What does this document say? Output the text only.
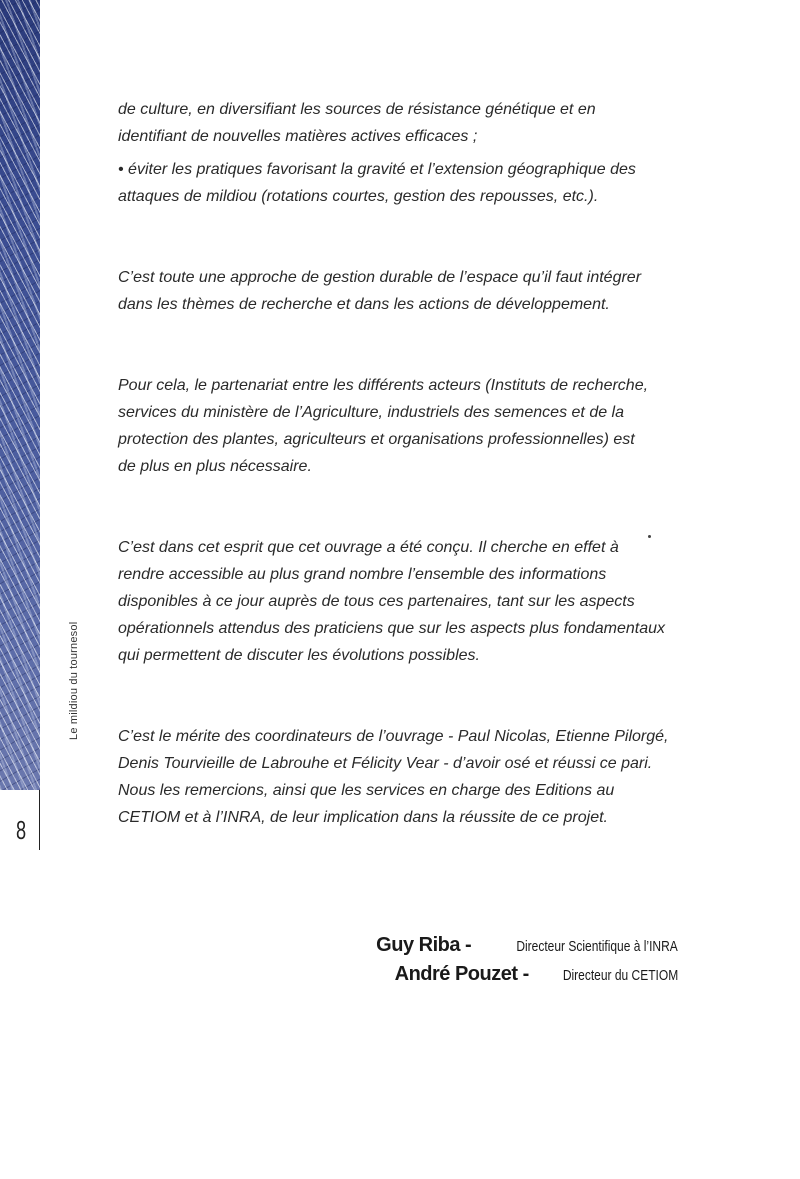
Le mildiou du tournesol
8

de culture, en diversifiant les sources de résistance génétique et en
identifiant de nouvelles matières actives efficaces ;

• éviter les pratiques favorisant la gravité et l’extension géographique des
attaques de mildiou (rotations courtes, gestion des repousses, etc.).

C’est toute une approche de gestion durable de l’espace qu’il faut intégrer
dans les thèmes de recherche et dans les actions de développement.

Pour cela, le partenariat entre les différents acteurs (Instituts de recherche,
services du ministère de l’Agriculture, industriels des semences et de la
protection des plantes, agriculteurs et organisations professionnelles) est
de plus en plus nécessaire.

C’est dans cet esprit que cet ouvrage a été conçu. Il cherche en effet à
rendre accessible au plus grand nombre l’ensemble des informations
disponibles à ce jour auprès de tous ces partenaires, tant sur les aspects
opérationnels attendus des praticiens que sur les aspects plus fondamentaux
qui permettent de discuter les évolutions possibles.

C’est le mérite des coordinateurs de l’ouvrage - Paul Nicolas, Etienne Pilorgé,
Denis Tourvieille de Labrouhe et Félicity Vear - d’avoir osé et réussi ce pari.
Nous les remercions, ainsi que les services en charge des Editions au
CETIOM et à l’INRA, de leur implication dans la réussite de ce projet.

Guy Riba -	Directeur Scientifique à l’INRA

André Pouzet - Directeur du CETIOM
